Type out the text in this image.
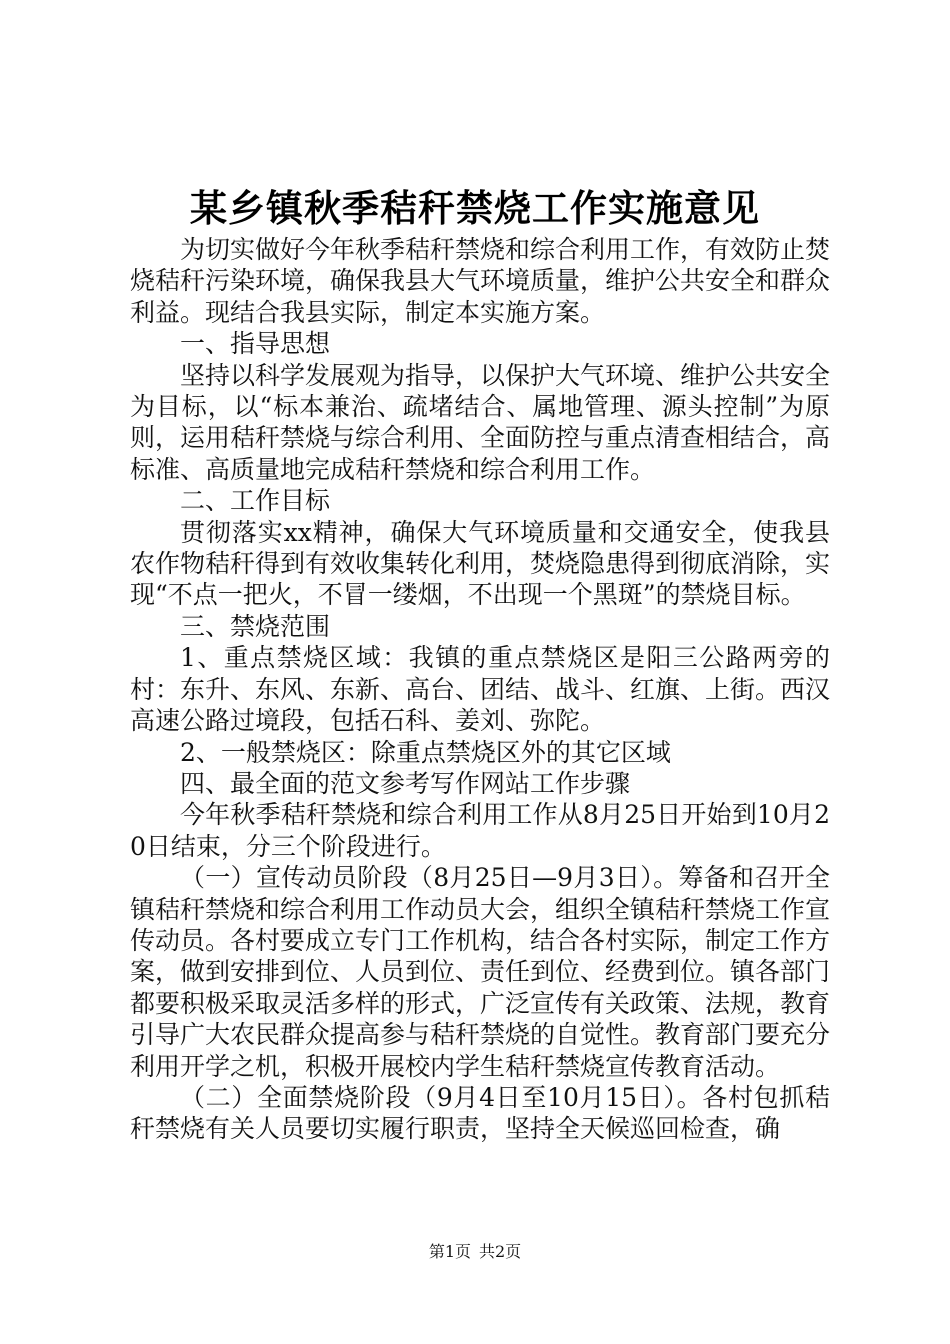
某乡镇秋季秸秆禁烧工作实施意见

为切实做好今年秋季秸秆禁烧和综合利用工作，有效防止焚烧秸秆污染环境，确保我县大气环境质量，维护公共安全和群众利益。现结合我县实际，制定本实施方案。

一、指导思想

坚持以科学发展观为指导，以保护大气环境、维护公共安全为目标，以“标本兼治、疏堵结合、属地管理、源头控制”为原则，运用秸秆禁烧与综合利用、全面防控与重点清查相结合，高标准、高质量地完成秸秆禁烧和综合利用工作。

二、工作目标

贯彻落实xx精神，确保大气环境质量和交通安全，使我县农作物秸秆得到有效收集转化利用，焚烧隐患得到彻底消除，实现“不点一把火，不冒一缕烟，不出现一个黑斑”的禁烧目标。

三、禁烧范围

1、重点禁烧区域：我镇的重点禁烧区是阳三公路两旁的村：东升、东风、东新、高台、团结、战斗、红旗、上街。西汉高速公路过境段，包括石科、姜刘、弥陀。

2、一般禁烧区：除重点禁烧区外的其它区域

四、最全面的范文参考写作网站工作步骤

今年秋季秸秆禁烧和综合利用工作从8月25日开始到10月20日结束，分三个阶段进行。

（一）宣传动员阶段（8月25日—9月3日）。筹备和召开全镇秸秆禁烧和综合利用工作动员大会，组织全镇秸秆禁烧工作宣传动员。各村要成立专门工作机构，结合各村实际，制定工作方案，做到安排到位、人员到位、责任到位、经费到位。镇各部门都要积极采取灵活多样的形式，广泛宣传有关政策、法规，教育引导广大农民群众提高参与秸秆禁烧的自觉性。教育部门要充分利用开学之机，积极开展校内学生秸秆禁烧宣传教育活动。

（二）全面禁烧阶段（9月4日至10月15日）。各村包抓秸秆禁烧有关人员要切实履行职责，坚持全天候巡回检查，确

第1页 共2页
